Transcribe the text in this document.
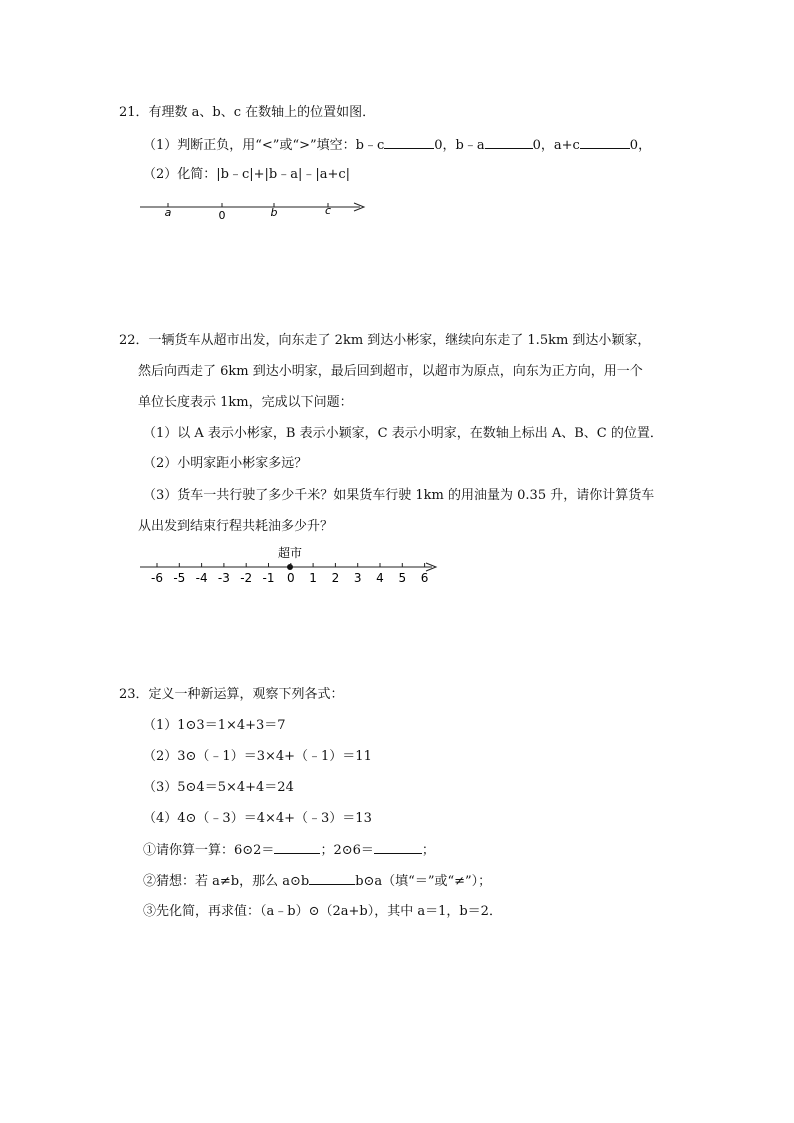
21．有理数 a、b、c 在数轴上的位置如图．
（1）判断正负，用“<”或“>”填空：b﹣c	0，b﹣a	0，a+c	0，
（2）化简：|b﹣c|+|b﹣a|﹣|a+c|
a	0	b	c
22．一辆货车从超市出发，向东走了 2km 到达小彬家，继续向东走了 1.5km 到达小颖家，
然后向西走了 6km 到达小明家，最后回到超市，以超市为原点，向东为正方向，用一个
单位长度表示 1km，完成以下问题：
（1）以 A 表示小彬家，B 表示小颖家，C 表示小明家，在数轴上标出 A、B、C 的位置．
（2）小明家距小彬家多远？
（3）货车一共行驶了多少千米？如果货车行驶 1km 的用油量为 0.35 升，请你计算货车
从出发到结束行程共耗油多少升？
超市
-6 -5 -4 -3 -2 -1 0 1 2 3 4 5 6
23．定义一种新运算，观察下列各式：
（1）1⊙3＝1×4+3＝7
（2）3⊙（﹣1）＝3×4+（﹣1）＝11
（3）5⊙4＝5×4+4＝24
（4）4⊙（﹣3）＝4×4+（﹣3）＝13
①请你算一算：6⊙2＝	；2⊙6＝	；
②猜想：若 a≠b，那么 a⊙b	b⊙a（填“＝”或“≠”）；
③先化简，再求值：（a﹣b）⊙（2a+b），其中 a＝1，b＝2．
